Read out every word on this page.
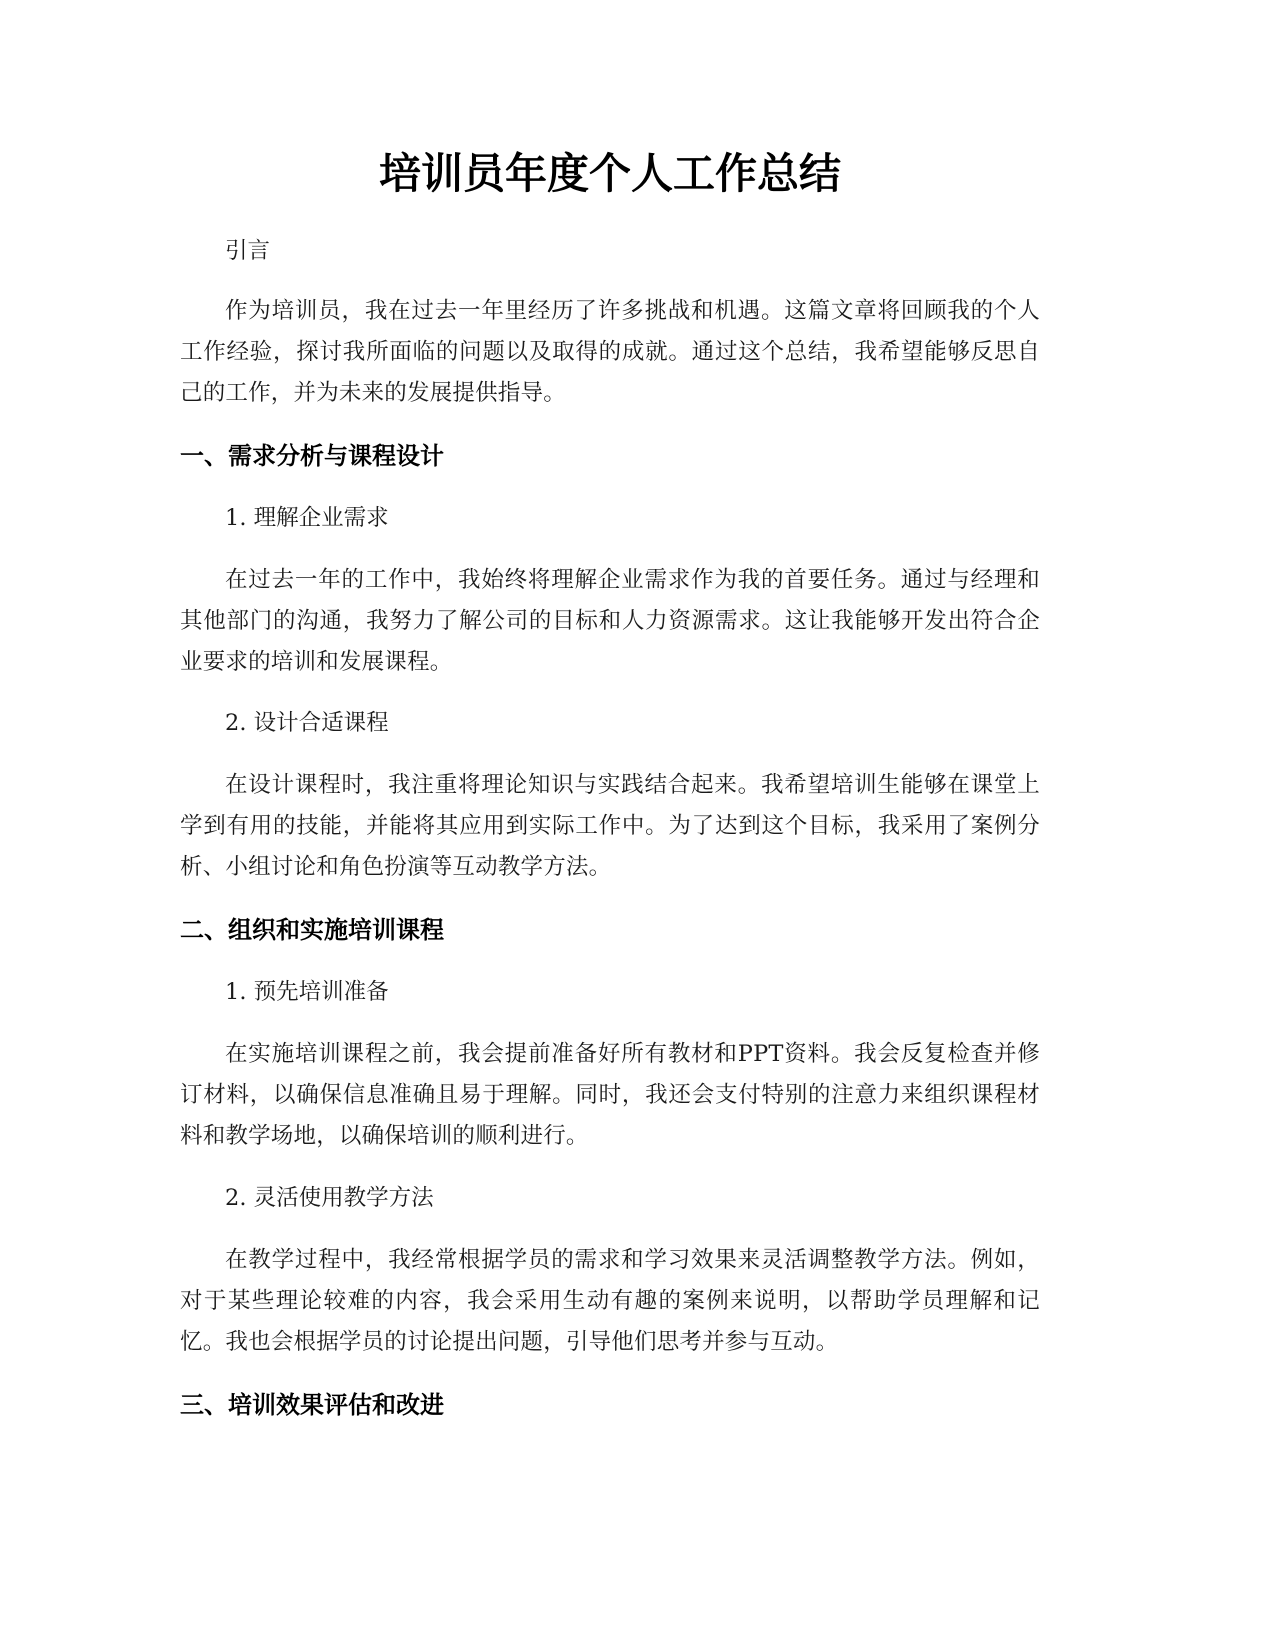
培训员年度个人工作总结

引言

作为培训员，我在过去一年里经历了许多挑战和机遇。这篇文章将回顾我的个人工作经验，探讨我所面临的问题以及取得的成就。通过这个总结，我希望能够反思自己的工作，并为未来的发展提供指导。

一、需求分析与课程设计

1. 理解企业需求

在过去一年的工作中，我始终将理解企业需求作为我的首要任务。通过与经理和其他部门的沟通，我努力了解公司的目标和人力资源需求。这让我能够开发出符合企业要求的培训和发展课程。

2. 设计合适课程

在设计课程时，我注重将理论知识与实践结合起来。我希望培训生能够在课堂上学到有用的技能，并能将其应用到实际工作中。为了达到这个目标，我采用了案例分析、小组讨论和角色扮演等互动教学方法。

二、组织和实施培训课程

1. 预先培训准备

在实施培训课程之前，我会提前准备好所有教材和PPT资料。我会反复检查并修订材料，以确保信息准确且易于理解。同时，我还会支付特别的注意力来组织课程材料和教学场地，以确保培训的顺利进行。

2. 灵活使用教学方法

在教学过程中，我经常根据学员的需求和学习效果来灵活调整教学方法。例如，对于某些理论较难的内容，我会采用生动有趣的案例来说明，以帮助学员理解和记忆。我也会根据学员的讨论提出问题，引导他们思考并参与互动。

三、培训效果评估和改进
